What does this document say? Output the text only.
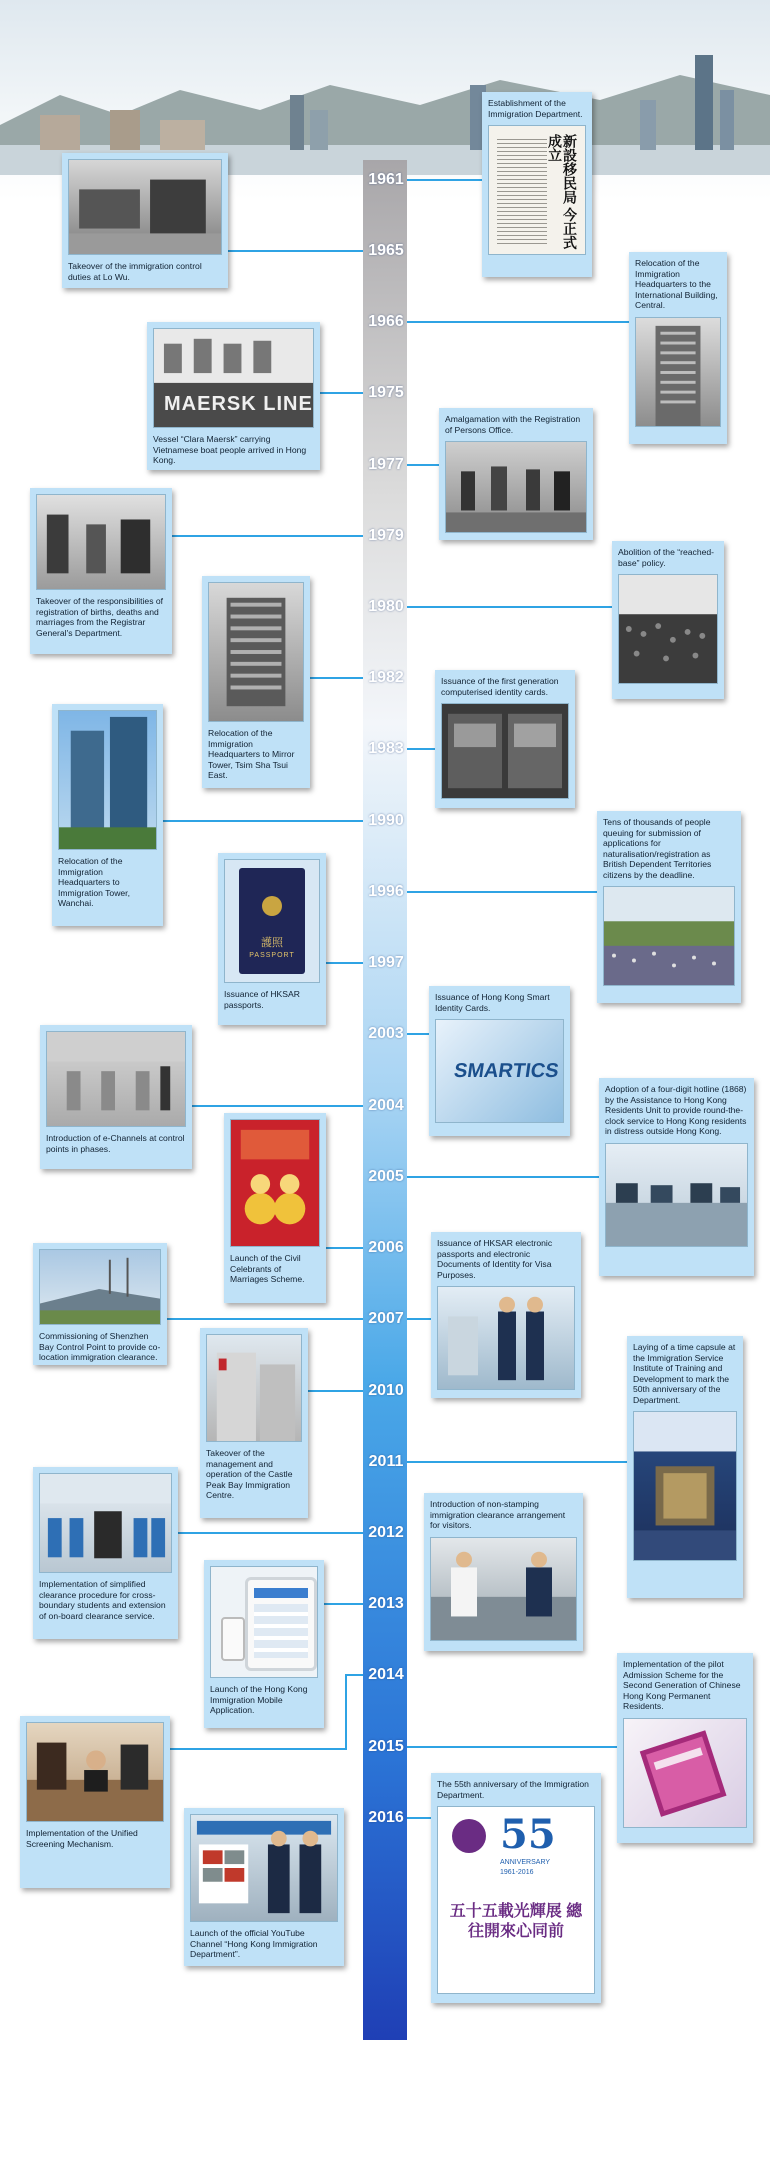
1961
1965
1966
1975
1977
1979
1980
1982
1983
1990
1996
1997
2003
2004
2005
2006
2007
2010
2011
2012
2013
2014
2015
2016
Establishment of the Immigration Department.
新設移民局 今正式成立
Takeover of the immigration control duties at Lo Wu.
Relocation of the Immigration Headquarters to the International Building, Central.
MAERSK LINE
Vessel “Clara Maersk” carrying Vietnamese boat people arrived in Hong Kong.
Amalgamation with the Registration of Persons Office.
Takeover of the responsibilities of registration of births, deaths and marriages from the Registrar General's Department.
Abolition of the “reached-base” policy.
Relocation of the Immigration Headquarters to Mirror Tower, Tsim Sha Tsui East.
Issuance of the first generation computerised identity cards.
Relocation of the Immigration Headquarters to Immigration Tower, Wanchai.
Tens of thousands of people queuing for submission of applications for naturalisation/registration as British Dependent Territories citizens by the deadline.
護照
PASSPORT
Issuance of HKSAR passports.
Issuance of Hong Kong Smart Identity Cards.
SMARTICS
Introduction of e-Channels at control points in phases.
Adoption of a four-digit hotline (1868) by the Assistance to Hong Kong Residents Unit to provide round-the-clock service to Hong Kong residents in distress outside Hong Kong.
Launch of the Civil Celebrants of Marriages Scheme.
Commissioning of Shenzhen Bay Control Point to provide co-location immigration clearance.
Issuance of HKSAR electronic passports and electronic Documents of Identity for Visa Purposes.
Takeover of the management and operation of the Castle Peak Bay Immigration Centre.
Laying of a time capsule at the Immigration Service Institute of Training and Development to mark the 50th anniversary of the Department.
Implementation of simplified clearance procedure for cross-boundary students and extension of on-board clearance service.
Introduction of non-stamping immigration clearance arrangement for visitors.
Launch of the Hong Kong Immigration Mobile Application.
Implementation of the pilot Admission Scheme for the Second Generation of Chinese Hong Kong Permanent Residents.
Implementation of the Unified Screening Mechanism.
The 55th anniversary of the Immigration Department.
55
ANNIVERSARY
1961-2016
五十五載光輝展 總往開來心同前
Launch of the official YouTube Channel “Hong Kong Immigration Department”.
